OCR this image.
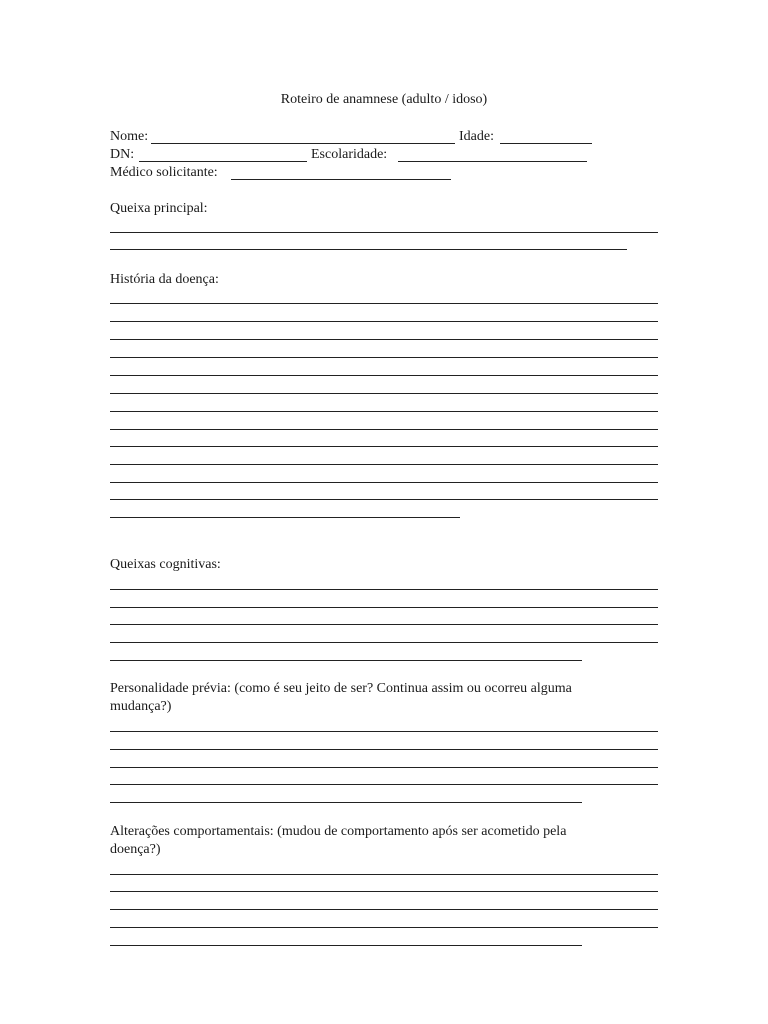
Roteiro de anamnese (adulto / idoso)
Nome:	Idade:
DN:	Escolaridade:
Médico solicitante:
Queixa principal:
História da doença:
Queixas cognitivas:
Personalidade prévia: (como é seu jeito de ser? Continua assim ou ocorreu alguma
mudança?)
Alterações comportamentais: (mudou de comportamento após ser acometido pela
doença?)
